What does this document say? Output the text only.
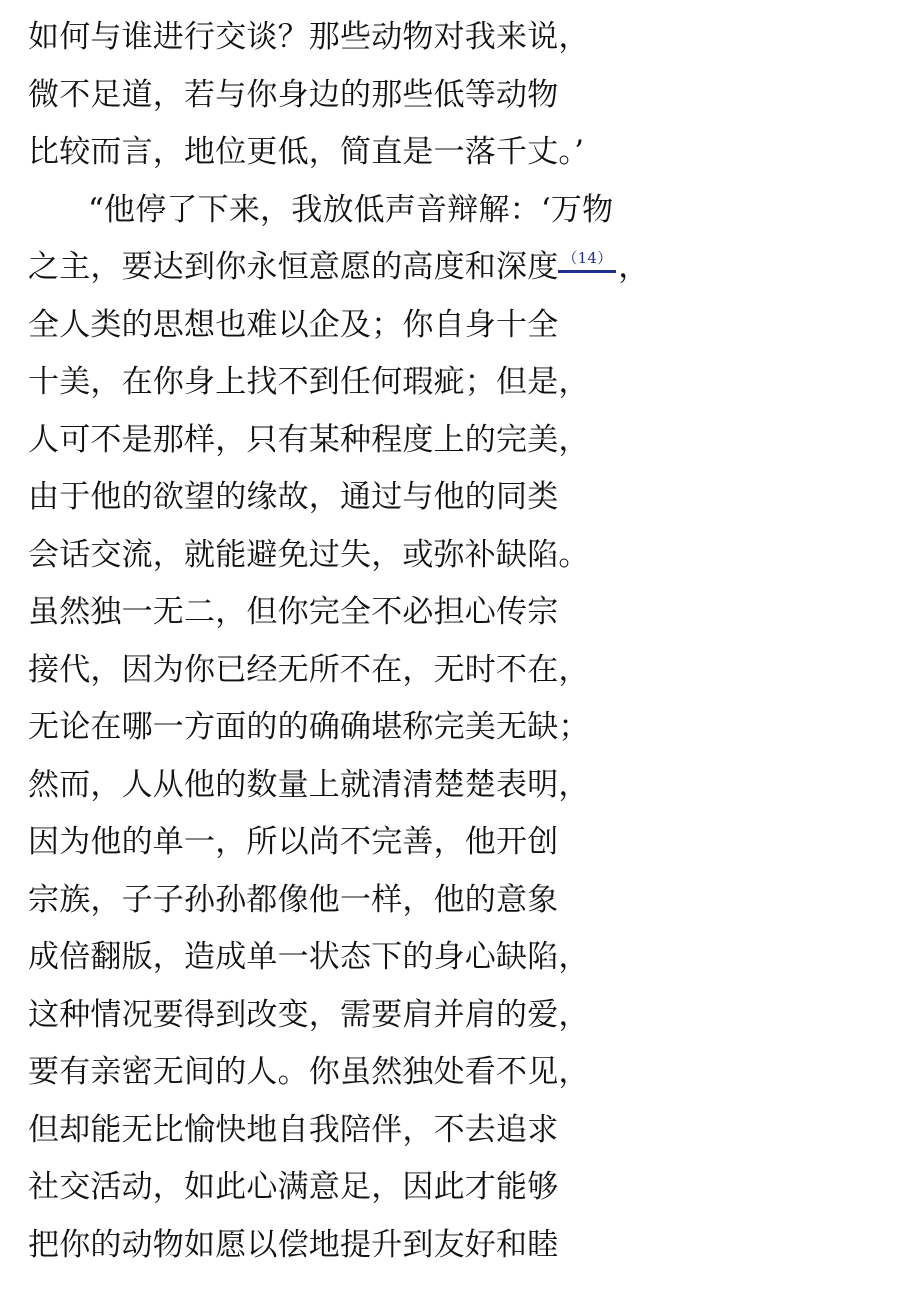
如何与谁进行交谈？那些动物对我来说，
微不足道，若与你身边的那些低等动物
比较而言，地位更低，简直是一落千丈。’
“他停了下来，我放低声音辩解：‘万物
之主，要达到你永恒意愿的高度和深度 （14） ，
全人类的思想也难以企及；你自身十全
十美，在你身上找不到任何瑕疵；但是，
人可不是那样，只有某种程度上的完美，
由于他的欲望的缘故，通过与他的同类
会话交流，就能避免过失，或弥补缺陷。
虽然独一无二，但你完全不必担心传宗
接代，因为你已经无所不在，无时不在，
无论在哪一方面的的确确堪称完美无缺；
然而，人从他的数量上就清清楚楚表明，
因为他的单一，所以尚不完善，他开创
宗族，子子孙孙都像他一样，他的意象
成倍翻版，造成单一状态下的身心缺陷，
这种情况要得到改变，需要肩并肩的爱，
要有亲密无间的人。你虽然独处看不见，
但却能无比愉快地自我陪伴，不去追求
社交活动，如此心满意足，因此才能够
把你的动物如愿以偿地提升到友好和睦
